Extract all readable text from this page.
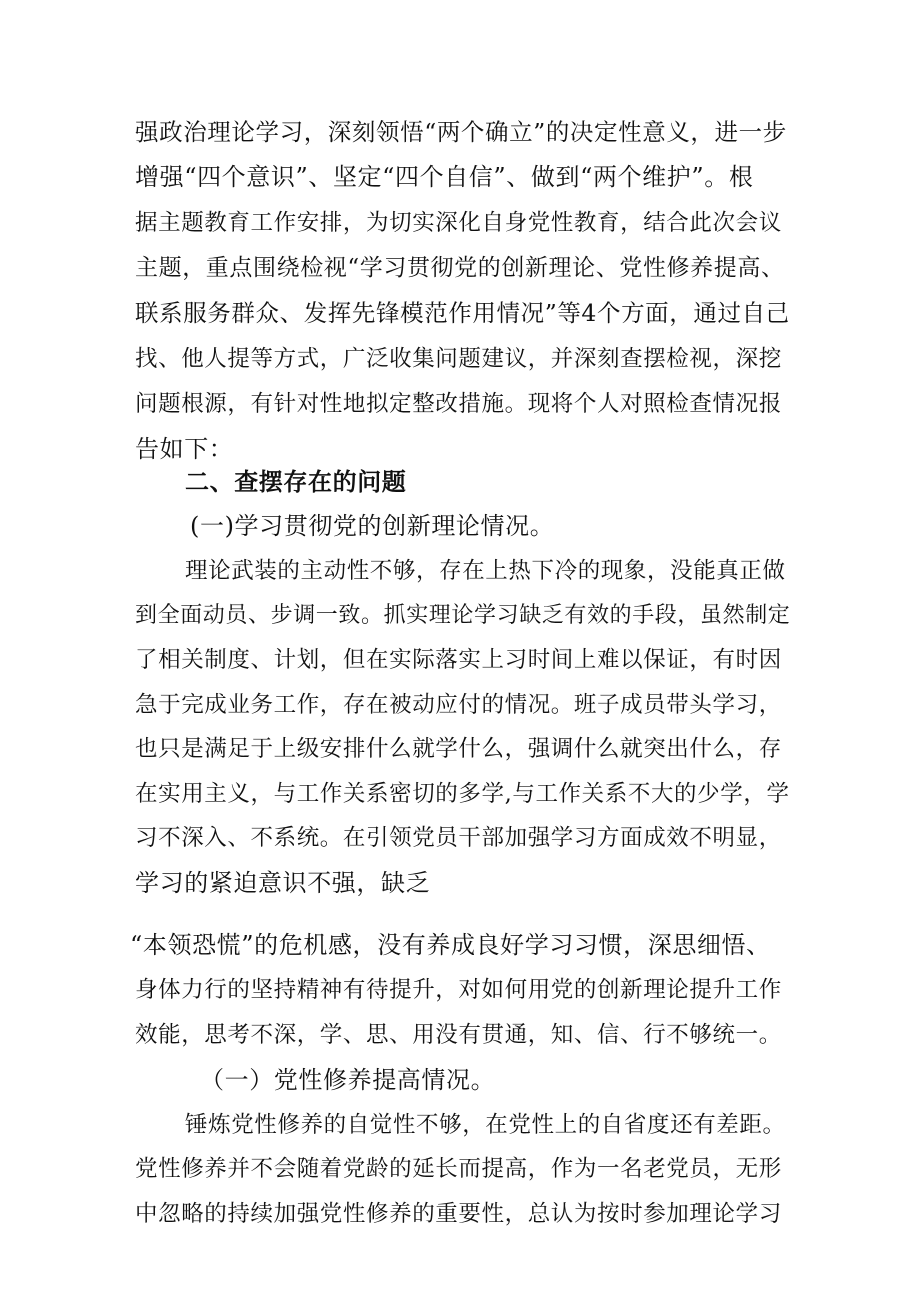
强政治理论学习，深刻领悟“两个确立”的决定性意义，进一步
增强“四个意识”、坚定“四个自信”、做到“两个维护”。根
据主题教育工作安排，为切实深化自身党性教育，结合此次会议
主题，重点围绕检视“学习贯彻党的创新理论、党性修养提高、
联系服务群众、发挥先锋模范作用情况”等4个方面，通过自己
找、他人提等方式，广泛收集问题建议，并深刻查摆检视，深挖
问题根源，有针对性地拟定整改措施。现将个人对照检查情况报
告如下：
二、查摆存在的问题
(一)学习贯彻党的创新理论情况。
理论武装的主动性不够，存在上热下冷的现象，没能真正做
到全面动员、步调一致。抓实理论学习缺乏有效的手段，虽然制定
了相关制度、计划，但在实际落实上习时间上难以保证，有时因
急于完成业务工作，存在被动应付的情况。班子成员带头学习，
也只是满足于上级安排什么就学什么，强调什么就突出什么，存
在实用主义，与工作关系密切的多学,与工作关系不大的少学，学
习不深入、不系统。在引领党员干部加强学习方面成效不明显，
学习的紧迫意识不强，缺乏
“本领恐慌”的危机感，没有养成良好学习习惯，深思细悟、
身体力行的坚持精神有待提升，对如何用党的创新理论提升工作
效能，思考不深，学、思、用没有贯通，知、信、行不够统一。
（一）党性修养提高情况。
锤炼党性修养的自觉性不够，在党性上的自省度还有差距。
党性修养并不会随着党龄的延长而提高，作为一名老党员，无形
中忽略的持续加强党性修养的重要性，总认为按时参加理论学习
